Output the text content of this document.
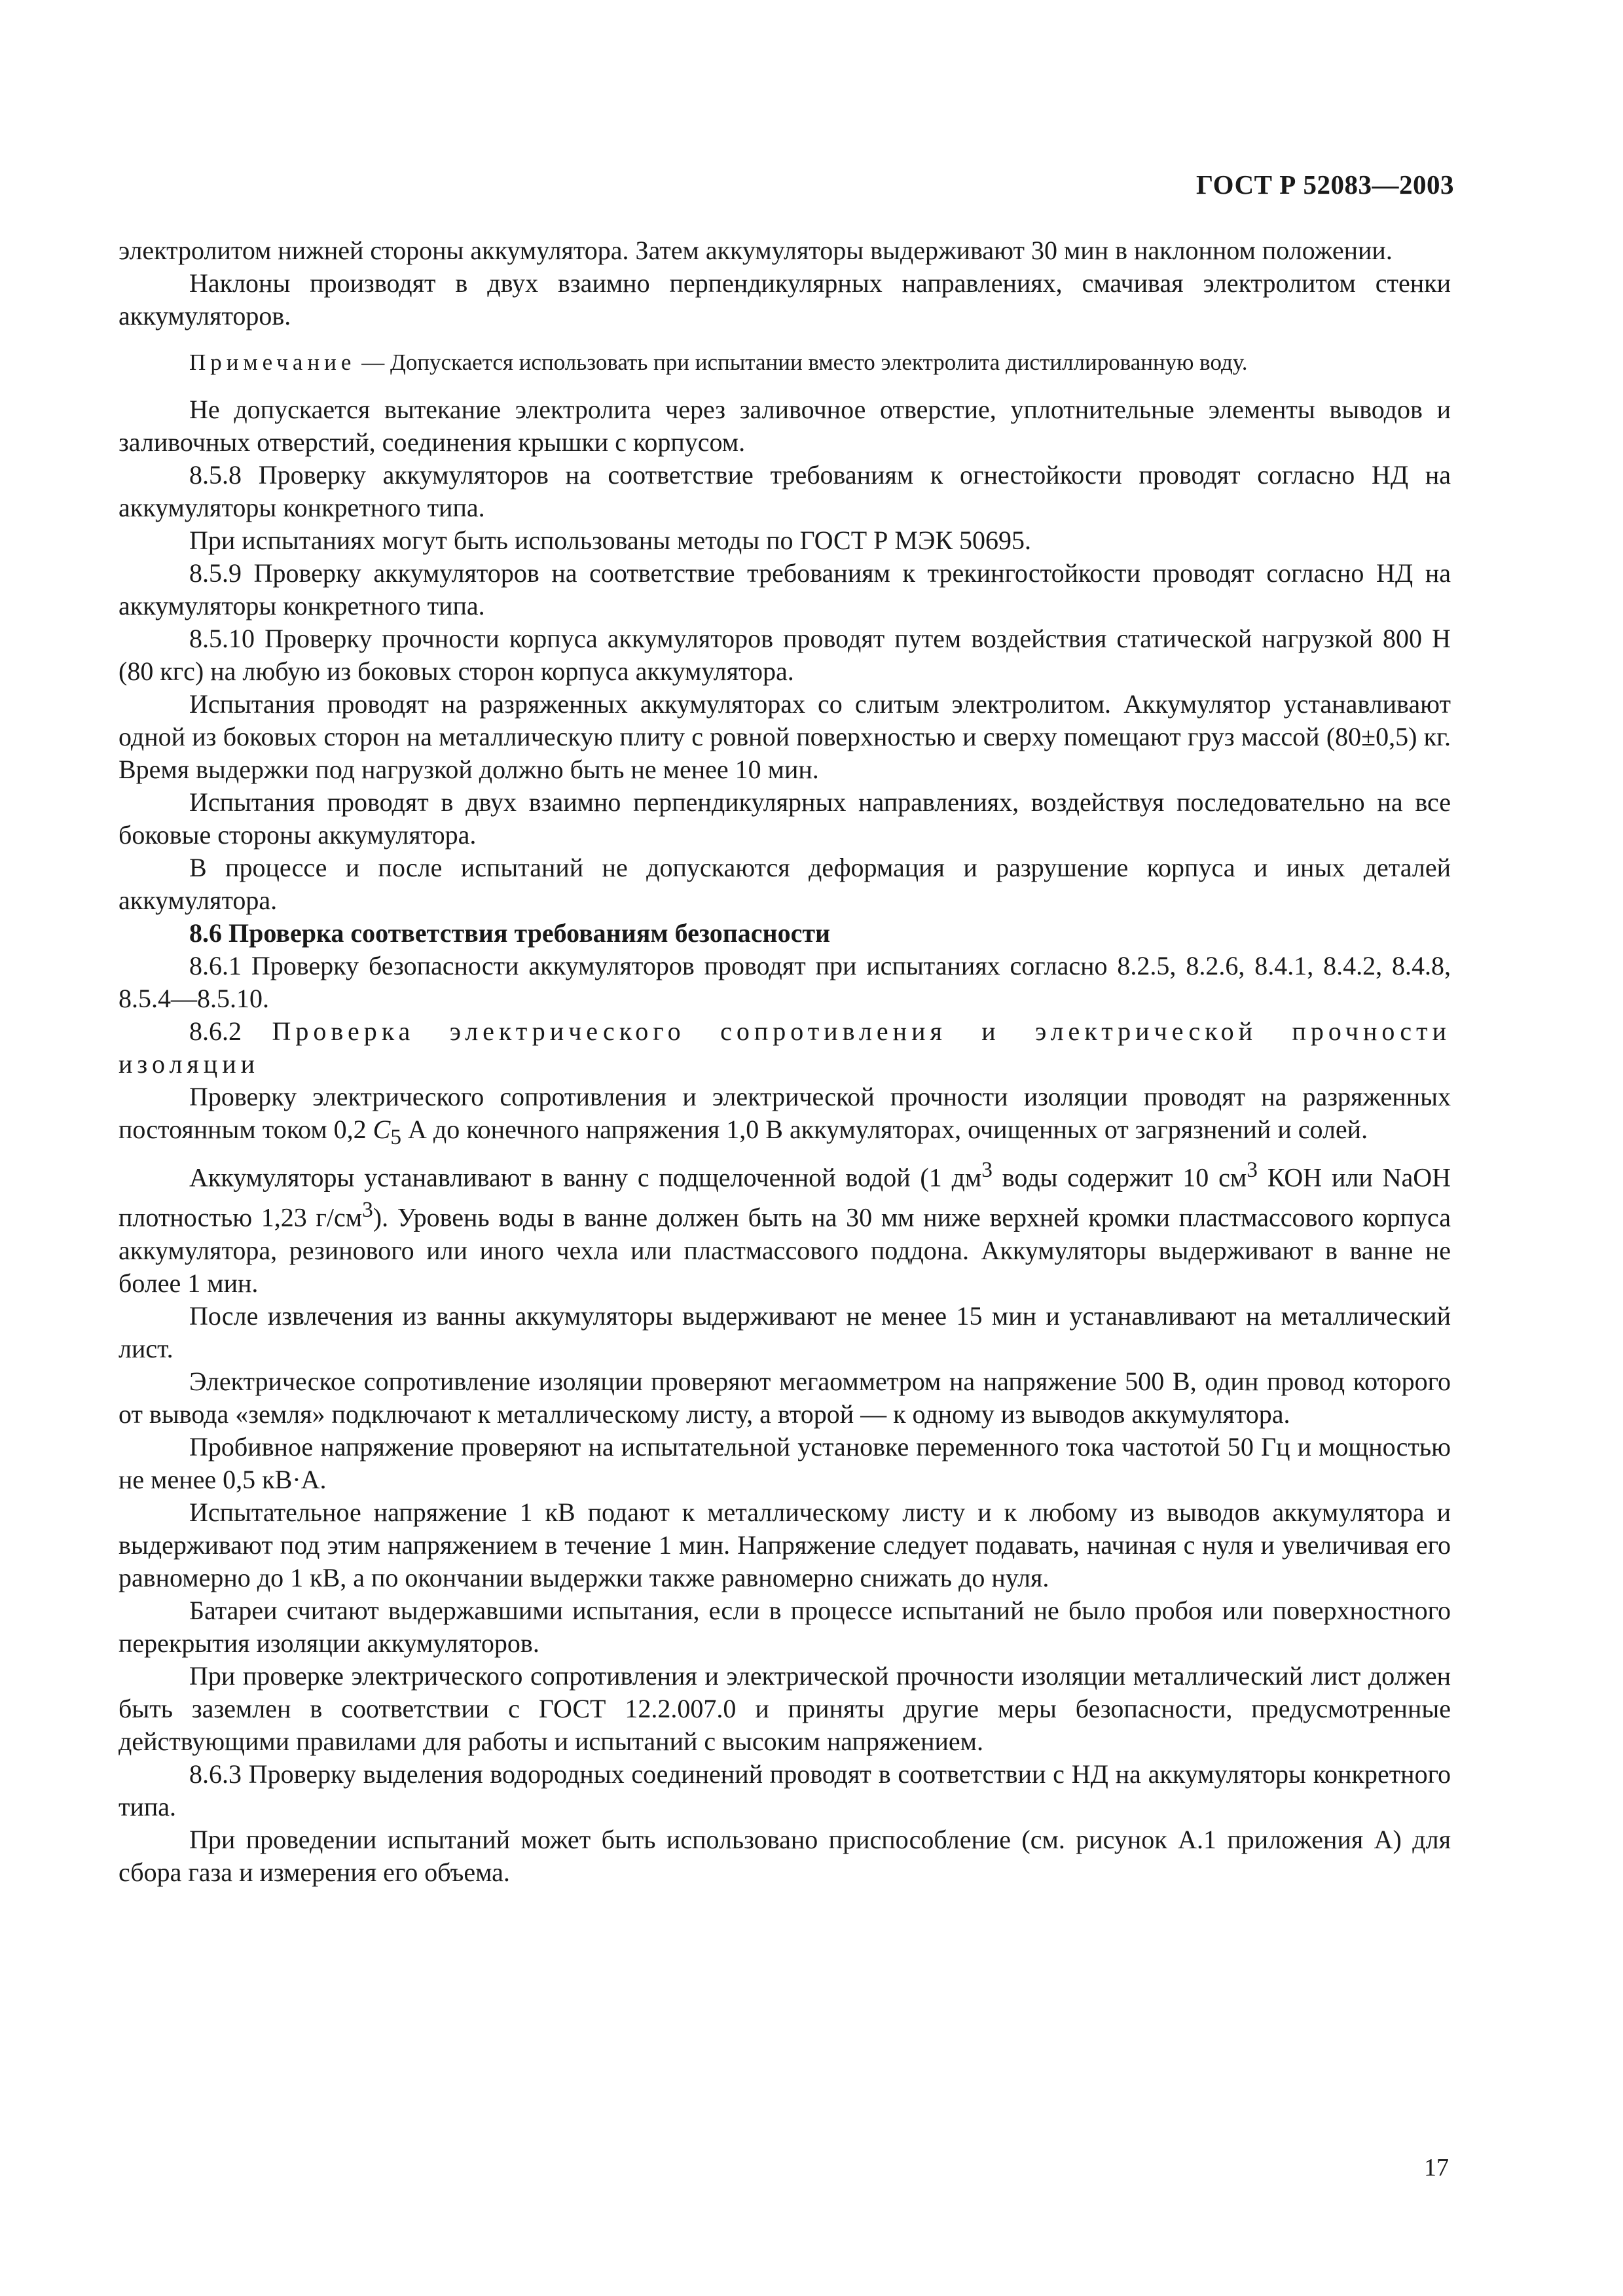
ГОСТ Р 52083—2003

электролитом нижней стороны аккумулятора. Затем аккумуляторы выдерживают 30 мин в наклонном положении.

Наклоны производят в двух взаимно перпендикулярных направлениях, смачивая электролитом стенки аккумуляторов.

Примечание — Допускается использовать при испытании вместо электролита дистиллированную воду.

Не допускается вытекание электролита через заливочное отверстие, уплотнительные элементы выводов и заливочных отверстий, соединения крышки с корпусом.

8.5.8 Проверку аккумуляторов на соответствие требованиям к огнестойкости проводят согласно НД на аккумуляторы конкретного типа.

При испытаниях могут быть использованы методы по ГОСТ Р МЭК 50695.

8.5.9 Проверку аккумуляторов на соответствие требованиям к трекингостойкости проводят согласно НД на аккумуляторы конкретного типа.

8.5.10 Проверку прочности корпуса аккумуляторов проводят путем воздействия статической нагрузкой 800 Н (80 кгс) на любую из боковых сторон корпуса аккумулятора.

Испытания проводят на разряженных аккумуляторах со слитым электролитом. Аккумулятор устанавливают одной из боковых сторон на металлическую плиту с ровной поверхностью и сверху помещают груз массой (80±0,5) кг. Время выдержки под нагрузкой должно быть не менее 10 мин.

Испытания проводят в двух взаимно перпендикулярных направлениях, воздействуя последовательно на все боковые стороны аккумулятора.

В процессе и после испытаний не допускаются деформация и разрушение корпуса и иных деталей аккумулятора.

8.6 Проверка соответствия требованиям безопасности

8.6.1 Проверку безопасности аккумуляторов проводят при испытаниях согласно 8.2.5, 8.2.6, 8.4.1, 8.4.2, 8.4.8, 8.5.4—8.5.10.

8.6.2 Проверка электрического сопротивления и электрической прочности изоляции

Проверку электрического сопротивления и электрической прочности изоляции проводят на разряженных постоянным током 0,2 $C_5$ А до конечного напряжения 1,0 В аккумуляторах, очищенных от загрязнений и солей.

Аккумуляторы устанавливают в ванну с подщелоченной водой (1 $дм^3$ воды содержит 10 $см^3$ КОН или NaOH плотностью 1,23 $г/см^3$). Уровень воды в ванне должен быть на 30 мм ниже верхней кромки пластмассового корпуса аккумулятора, резинового или иного чехла или пластмассового поддона. Аккумуляторы выдерживают в ванне не более 1 мин.

После извлечения из ванны аккумуляторы выдерживают не менее 15 мин и устанавливают на металлический лист.

Электрическое сопротивление изоляции проверяют мегаомметром на напряжение 500 В, один провод которого от вывода «земля» подключают к металлическому листу, а второй — к одному из выводов аккумулятора.

Пробивное напряжение проверяют на испытательной установке переменного тока частотой 50 Гц и мощностью не менее 0,5 кВ·А.

Испытательное напряжение 1 кВ подают к металлическому листу и к любому из выводов аккумулятора и выдерживают под этим напряжением в течение 1 мин. Напряжение следует подавать, начиная с нуля и увеличивая его равномерно до 1 кВ, а по окончании выдержки также равномерно снижать до нуля.

Батареи считают выдержавшими испытания, если в процессе испытаний не было пробоя или поверхностного перекрытия изоляции аккумуляторов.

При проверке электрического сопротивления и электрической прочности изоляции металлический лист должен быть заземлен в соответствии с ГОСТ 12.2.007.0 и приняты другие меры безопасности, предусмотренные действующими правилами для работы и испытаний с высоким напряжением.

8.6.3 Проверку выделения водородных соединений проводят в соответствии с НД на аккумуляторы конкретного типа.

При проведении испытаний может быть использовано приспособление (см. рисунок А.1 приложения А) для сбора газа и измерения его объема.

17
